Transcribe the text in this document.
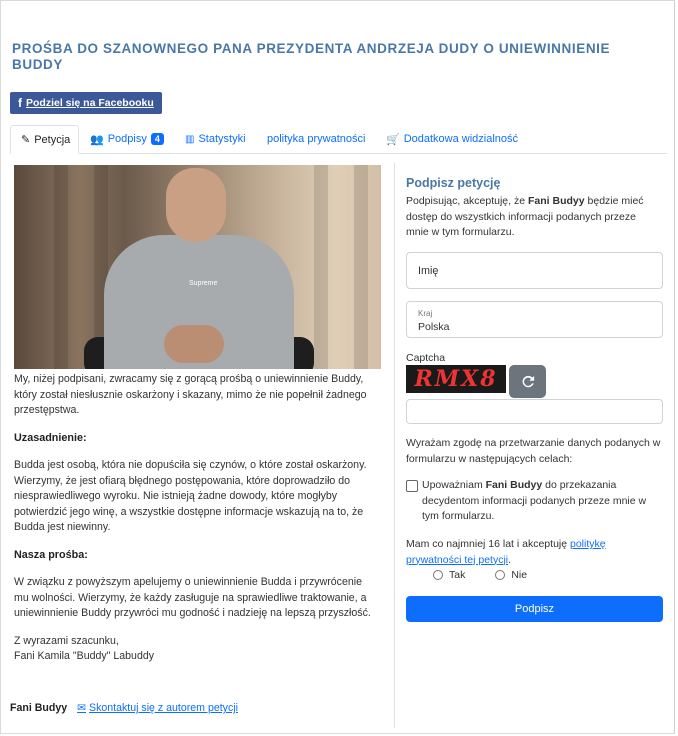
PROŚBA DO SZANOWNEGO PANA PREZYDENTA ANDRZEJA DUDY O UNIEWINNIENIE BUDDY
f Podziel się na Facebooku
✎ Petycja 👥 Podpisy 4	▥ Statystyki polityka prywatności 🛒 Dodatkowa widzialność
Supreme

My, niżej podpisani, zwracamy się z gorącą prośbą o uniewinnienie Buddy, który został niesłusznie oskarżony i skazany, mimo że nie popełnił żadnego przestępstwa.

Uzasadnienie:

Budda jest osobą, która nie dopuściła się czynów, o które został oskarżony. Wierzymy, że jest ofiarą błędnego postępowania, które doprowadziło do niesprawiedliwego wyroku. Nie istnieją żadne dowody, które mogłyby potwierdzić jego winę, a wszystkie dostępne informacje wskazują na to, że Budda jest niewinny.

Nasza prośba:

W związku z powyższym apelujemy o uniewinnienie Budda i przywrócenie mu wolności. Wierzymy, że każdy zasługuje na sprawiedliwe traktowanie, a uniewinnienie Buddy przywróci mu godność i nadzieję na lepszą przyszłość.

Z wyrazami szacunku,
Fani Kamila "Buddy" Labuddy

Fani Budyy ✉ Skontaktuj się z autorem petycji
Podpisz petycję
Podpisując, akceptuję, że Fani Budyy będzie mieć dostęp do wszystkich informacji podanych przeze mnie w tym formularzu.
Imię
Kraj
Polska
Captcha
RMX8
Wyrażam zgodę na przetwarzanie danych podanych w formularzu w następujących celach:
Upoważniam Fani Budyy do przekazania decydentom informacji podanych przeze mnie w tym formularzu.
Mam co najmniej 16 lat i akceptuję politykę prywatności tej petycji.
Tak	Nie
Podpisz
